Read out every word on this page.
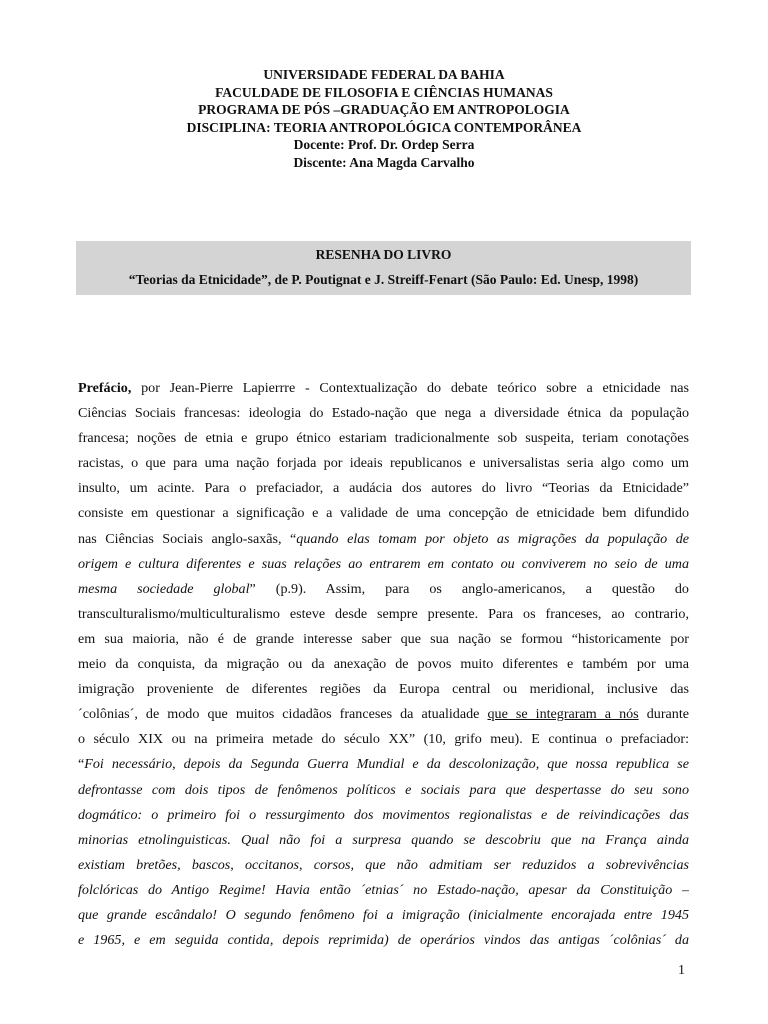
UNIVERSIDADE FEDERAL DA BAHIA
FACULDADE DE FILOSOFIA E CIÊNCIAS HUMANAS
PROGRAMA DE PÓS –GRADUAÇÃO EM ANTROPOLOGIA
DISCIPLINA: TEORIA ANTROPOLÓGICA CONTEMPORÂNEA
Docente: Prof. Dr. Ordep Serra
Discente: Ana Magda Carvalho
RESENHA DO LIVRO
“Teorias da Etnicidade”, de P. Poutignat e J. Streiff-Fenart (São Paulo: Ed. Unesp, 1998)
Prefácio, por Jean-Pierre Lapierrre - Contextualização do debate teórico sobre a etnicidade nas
Ciências Sociais francesas: ideologia do Estado-nação que nega a diversidade étnica da população
francesa; noções de etnia e grupo étnico estariam tradicionalmente sob suspeita, teriam conotações
racistas, o que para uma nação forjada por ideais republicanos e universalistas seria algo como um
insulto, um acinte. Para o prefaciador, a audácia dos autores do livro “Teorias da Etnicidade”
consiste em questionar a significação e a validade de uma concepção de etnicidade bem difundido
nas Ciências Sociais anglo-saxãs, “quando elas tomam por objeto as migrações da população de
origem e cultura diferentes e suas relações ao entrarem em contato ou conviverem no seio de uma
mesma sociedade global” (p.9). Assim, para os anglo-americanos, a questão do
transculturalismo/multiculturalismo esteve desde sempre presente. Para os franceses, ao contrario,
em sua maioria, não é de grande interesse saber que sua nação se formou “historicamente por
meio da conquista, da migração ou da anexação de povos muito diferentes e também por uma
imigração proveniente de diferentes regiões da Europa central ou meridional, inclusive das
´colônias´, de modo que muitos cidadãos franceses da atualidade que se integraram a nós durante
o século XIX ou na primeira metade do século XX” (10, grifo meu). E continua o prefaciador:
“Foi necessário, depois da Segunda Guerra Mundial e da descolonização, que nossa republica se
defrontasse com dois tipos de fenômenos políticos e sociais para que despertasse do seu sono
dogmático: o primeiro foi o ressurgimento dos movimentos regionalistas e de reivindicações das
minorias etnolinguisticas. Qual não foi a surpresa quando se descobriu que na França ainda
existiam bretões, bascos, occitanos, corsos, que não admitiam ser reduzidos a sobrevivências
folclóricas do Antigo Regime! Havia então ´etnias´ no Estado-nação, apesar da Constituição –
que grande escândalo! O segundo fenômeno foi a imigração (inicialmente encorajada entre 1945
e 1965, e em seguida contida, depois reprimida) de operários vindos das antigas ´colônias´ da
1
